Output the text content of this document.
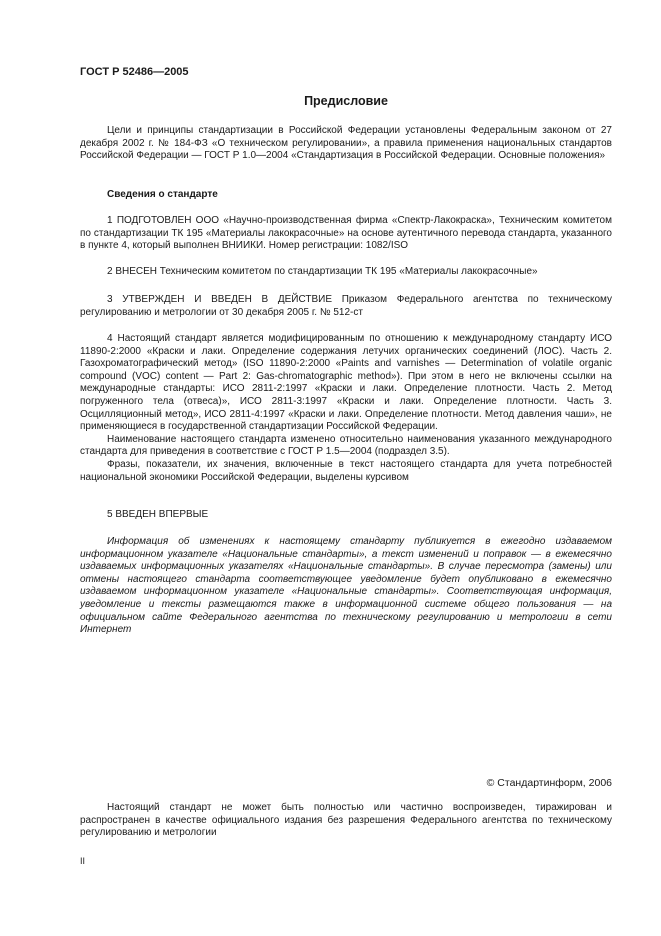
ГОСТ Р 52486—2005
Предисловие

Цели и принципы стандартизации в Российской Федерации установлены Федеральным законом от 27 декабря 2002 г. № 184-ФЗ «О техническом регулировании», а правила применения национальных стандартов Российской Федерации — ГОСТ Р 1.0—2004 «Стандартизация в Российской Федерации. Основные положения»

Сведения о стандарте

1 ПОДГОТОВЛЕН ООО «Научно-производственная фирма «Спектр-Лакокраска», Техническим комитетом по стандартизации ТК 195 «Материалы лакокрасочные» на основе аутентичного перевода стандарта, указанного в пункте 4, который выполнен ВНИИКИ. Номер регистрации: 1082/ISO

2 ВНЕСЕН Техническим комитетом по стандартизации ТК 195 «Материалы лакокрасочные»

3 УТВЕРЖДЕН И ВВЕДЕН В ДЕЙСТВИЕ Приказом Федерального агентства по техническому регулированию и метрологии от 30 декабря 2005 г. № 512-ст

4 Настоящий стандарт является модифицированным по отношению к международному стандарту ИСО 11890-2:2000 «Краски и лаки. Определение содержания летучих органических соединений (ЛОС). Часть 2. Газохроматографический метод» (ISO 11890-2:2000 «Paints and varnishes — Determination of volatile organic compound (VOC) content — Part 2: Gas-chromatographic method»). При этом в него не включены ссылки на международные стандарты: ИСО 2811-2:1997 «Краски и лаки. Определение плотности. Часть 2. Метод погруженного тела (отвеса)», ИСО 2811-3:1997 «Краски и лаки. Определение плотности. Часть 3. Осцилляционный метод», ИСО 2811-4:1997 «Краски и лаки. Определение плотности. Метод давления чаши», не применяющиеся в государственной стандартизации Российской Федерации.

Наименование настоящего стандарта изменено относительно наименования указанного международного стандарта для приведения в соответствие с ГОСТ Р 1.5—2004 (подраздел 3.5).

Фразы, показатели, их значения, включенные в текст настоящего стандарта для учета потребностей национальной экономики Российской Федерации, выделены курсивом

5 ВВЕДЕН ВПЕРВЫЕ

Информация об изменениях к настоящему стандарту публикуется в ежегодно издаваемом информационном указателе «Национальные стандарты», а текст изменений и поправок — в ежемесячно издаваемых информационных указателях «Национальные стандарты». В случае пересмотра (замены) или отмены настоящего стандарта соответствующее уведомление будет опубликовано в ежемесячно издаваемом информационном указателе «Национальные стандарты». Соответствующая информация, уведомление и тексты размещаются также в информационной системе общего пользования — на официальном сайте Федерального агентства по техническому регулированию и метрологии в сети Интернет

© Стандартинформ, 2006

Настоящий стандарт не может быть полностью или частично воспроизведен, тиражирован и распространен в качестве официального издания без разрешения Федерального агентства по техническому регулированию и метрологии

II
